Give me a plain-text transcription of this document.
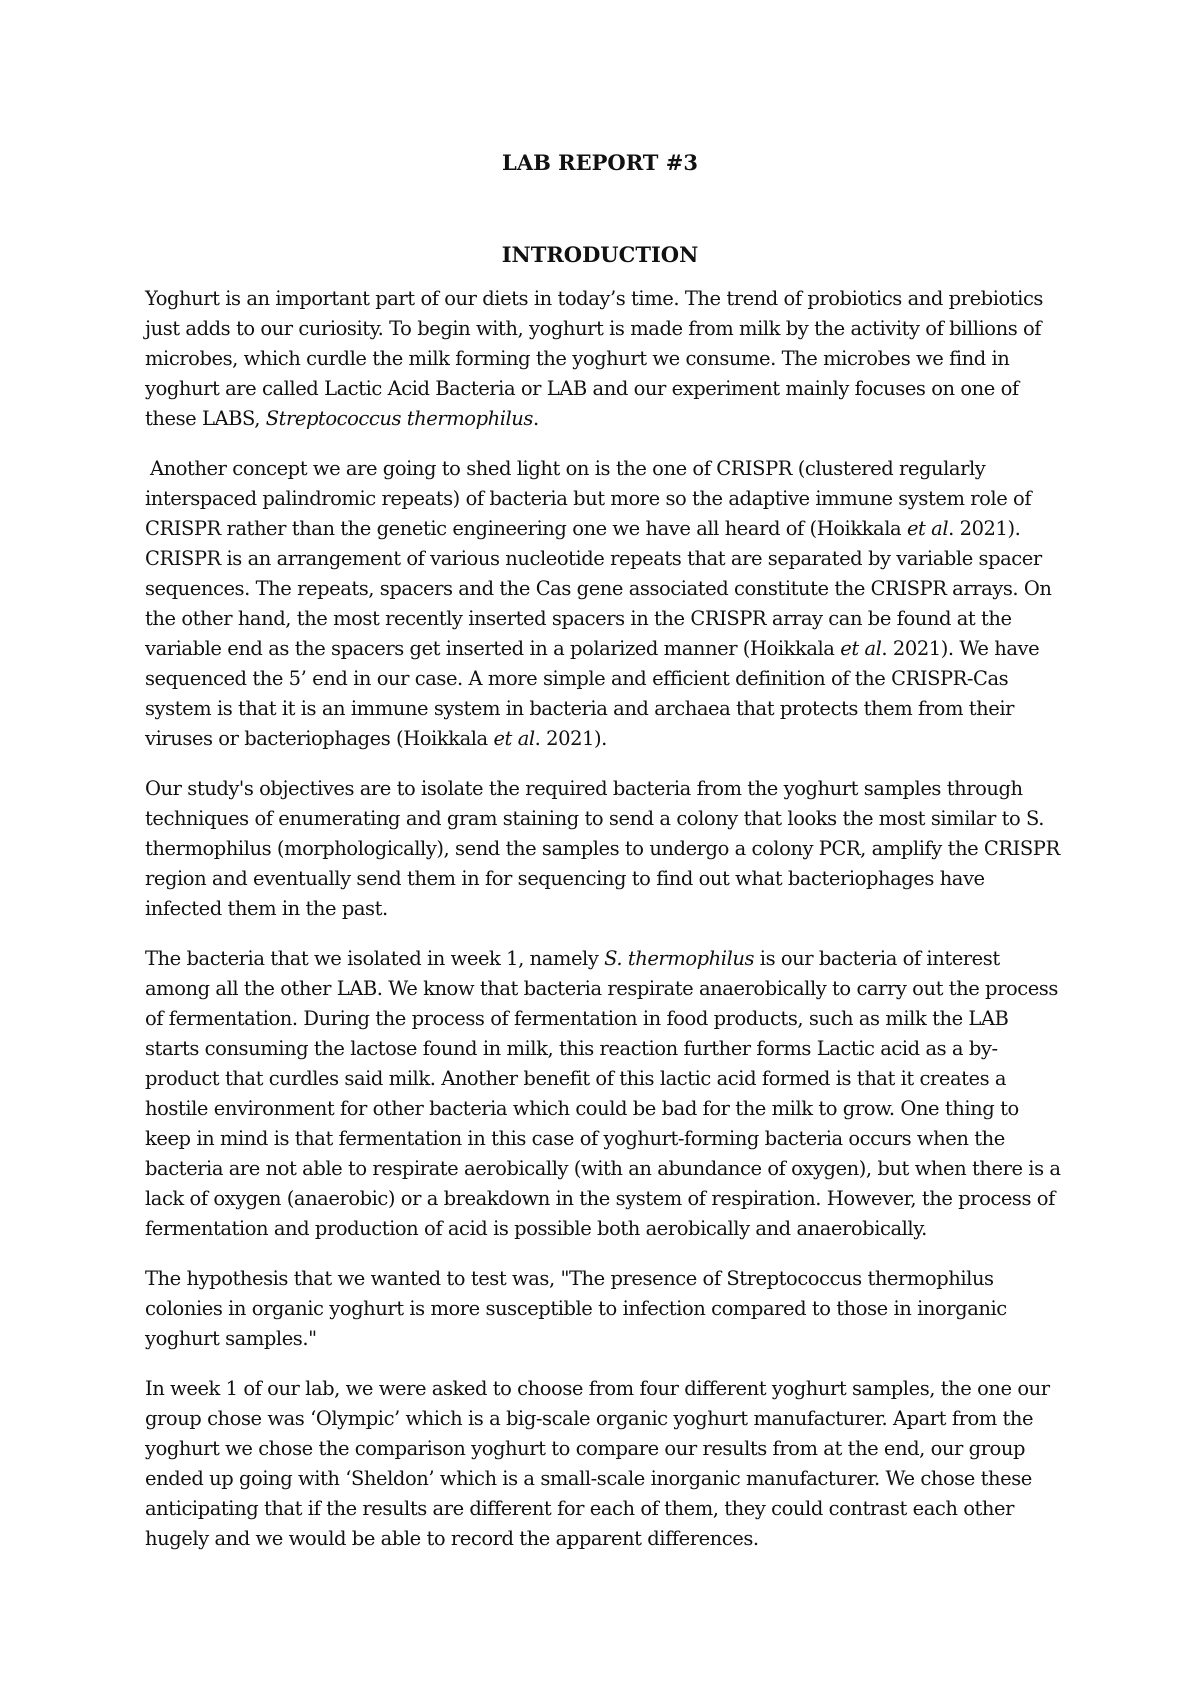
LAB REPORT #3
INTRODUCTION

Yoghurt is an important part of our diets in today’s time. The trend of probiotics and prebiotics just adds to our curiosity. To begin with, yoghurt is made from milk by the activity of billions of microbes, which curdle the milk forming the yoghurt we consume. The microbes we find in yoghurt are called Lactic Acid Bacteria or LAB and our experiment mainly focuses on one of these LABS, Streptococcus thermophilus.

Another concept we are going to shed light on is the one of CRISPR (clustered regularly interspaced palindromic repeats) of bacteria but more so the adaptive immune system role of CRISPR rather than the genetic engineering one we have all heard of (Hoikkala et al. 2021). CRISPR is an arrangement of various nucleotide repeats that are separated by variable spacer sequences. The repeats, spacers and the Cas gene associated constitute the CRISPR arrays. On the other hand, the most recently inserted spacers in the CRISPR array can be found at the variable end as the spacers get inserted in a polarized manner (Hoikkala et al. 2021). We have sequenced the 5’ end in our case. A more simple and efficient definition of the CRISPR-Cas system is that it is an immune system in bacteria and archaea that protects them from their viruses or bacteriophages (Hoikkala et al. 2021).

Our study's objectives are to isolate the required bacteria from the yoghurt samples through techniques of enumerating and gram staining to send a colony that looks the most similar to S. thermophilus (morphologically), send the samples to undergo a colony PCR, amplify the CRISPR region and eventually send them in for sequencing to find out what bacteriophages have infected them in the past.

The bacteria that we isolated in week 1, namely S. thermophilus is our bacteria of interest among all the other LAB. We know that bacteria respirate anaerobically to carry out the process of fermentation. During the process of fermentation in food products, such as milk the LAB starts consuming the lactose found in milk, this reaction further forms Lactic acid as a by-product that curdles said milk. Another benefit of this lactic acid formed is that it creates a hostile environment for other bacteria which could be bad for the milk to grow. One thing to keep in mind is that fermentation in this case of yoghurt-forming bacteria occurs when the bacteria are not able to respirate aerobically (with an abundance of oxygen), but when there is a lack of oxygen (anaerobic) or a breakdown in the system of respiration. However, the process of fermentation and production of acid is possible both aerobically and anaerobically.

The hypothesis that we wanted to test was, "The presence of Streptococcus thermophilus colonies in organic yoghurt is more susceptible to infection compared to those in inorganic yoghurt samples."

In week 1 of our lab, we were asked to choose from four different yoghurt samples, the one our group chose was ‘Olympic’ which is a big-scale organic yoghurt manufacturer. Apart from the yoghurt we chose the comparison yoghurt to compare our results from at the end, our group ended up going with ‘Sheldon’ which is a small-scale inorganic manufacturer. We chose these anticipating that if the results are different for each of them, they could contrast each other hugely and we would be able to record the apparent differences.
